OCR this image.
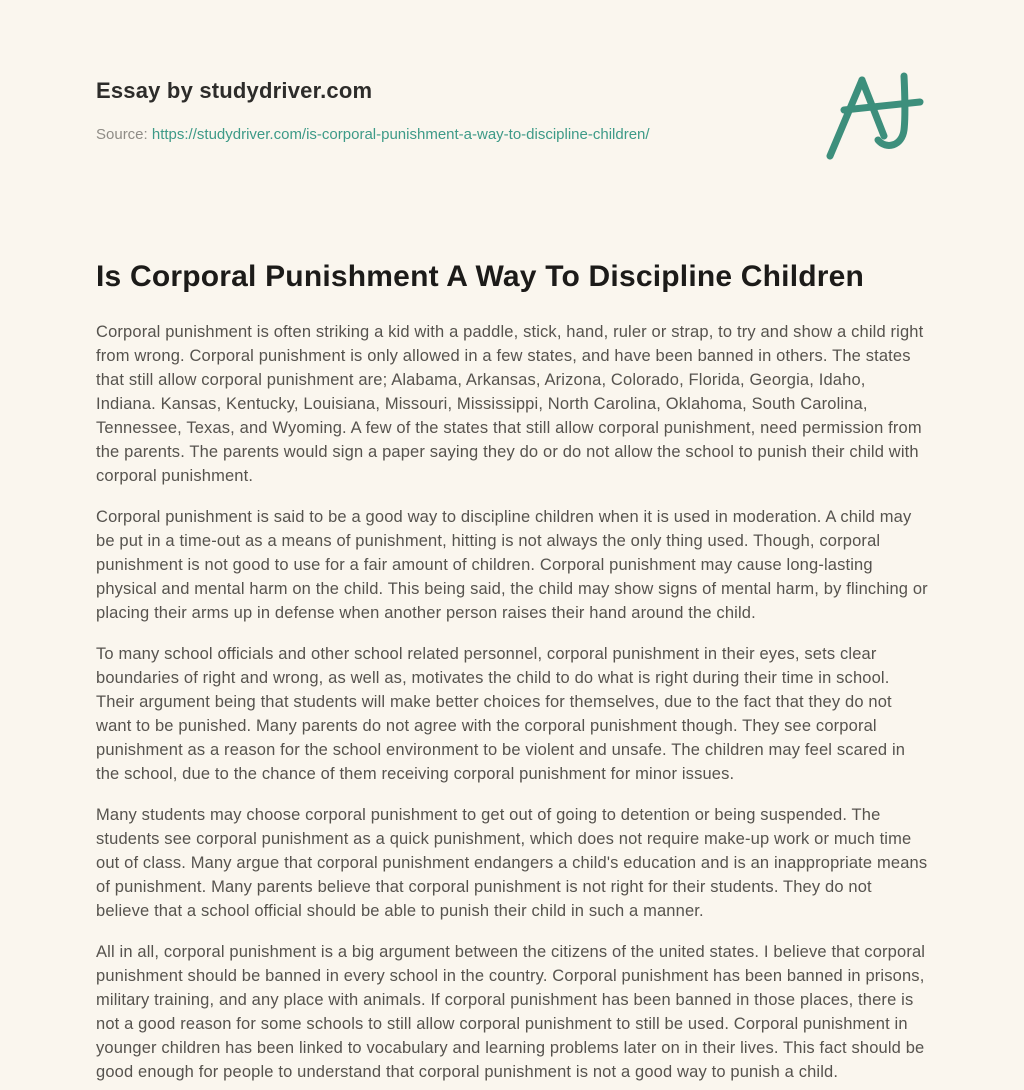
Essay by studydriver.com
Source: https://studydriver.com/is-corporal-punishment-a-way-to-discipline-children/
Is Corporal Punishment A Way To Discipline Children

Corporal punishment is often striking a kid with a paddle, stick, hand, ruler or strap, to try and show a child right from wrong. Corporal punishment is only allowed in a few states, and have been banned in others. The states that still allow corporal punishment are; Alabama, Arkansas, Arizona, Colorado, Florida, Georgia, Idaho, Indiana. Kansas, Kentucky, Louisiana, Missouri, Mississippi, North Carolina, Oklahoma, South Carolina, Tennessee, Texas, and Wyoming. A few of the states that still allow corporal punishment, need permission from the parents. The parents would sign a paper saying they do or do not allow the school to punish their child with corporal punishment.

Corporal punishment is said to be a good way to discipline children when it is used in moderation. A child may be put in a time-out as a means of punishment, hitting is not always the only thing used. Though, corporal punishment is not good to use for a fair amount of children. Corporal punishment may cause long-lasting physical and mental harm on the child. This being said, the child may show signs of mental harm, by flinching or placing their arms up in defense when another person raises their hand around the child.

To many school officials and other school related personnel, corporal punishment in their eyes, sets clear boundaries of right and wrong, as well as, motivates the child to do what is right during their time in school. Their argument being that students will make better choices for themselves, due to the fact that they do not want to be punished. Many parents do not agree with the corporal punishment though. They see corporal punishment as a reason for the school environment to be violent and unsafe. The children may feel scared in the school, due to the chance of them receiving corporal punishment for minor issues.

Many students may choose corporal punishment to get out of going to detention or being suspended. The students see corporal punishment as a quick punishment, which does not require make-up work or much time out of class. Many argue that corporal punishment endangers a child's education and is an inappropriate means of punishment. Many parents believe that corporal punishment is not right for their students. They do not believe that a school official should be able to punish their child in such a manner.

All in all, corporal punishment is a big argument between the citizens of the united states. I believe that corporal punishment should be banned in every school in the country. Corporal punishment has been banned in prisons, military training, and any place with animals. If corporal punishment has been banned in those places, there is not a good reason for some schools to still allow corporal punishment to still be used. Corporal punishment in younger children has been linked to vocabulary and learning problems later on in their lives. This fact should be good enough for people to understand that corporal punishment is not a good way to punish a child.
